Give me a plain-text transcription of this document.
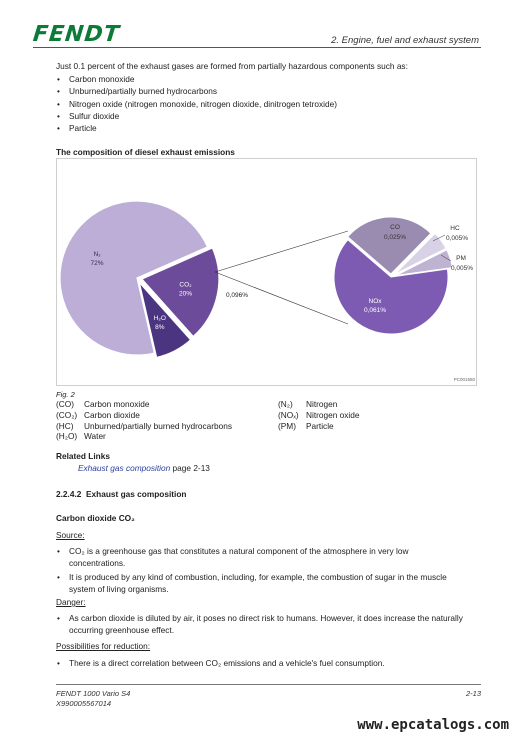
FENDT	2. Engine, fuel and exhaust system
Just 0.1 percent of the exhaust gases are formed from partially hazardous components such as:
• Carbon monoxide
• Unburned/partially burned hydrocarbons
• Nitrogen oxide (nitrogen monoxide, nitrogen dioxide, dinitrogen tetroxide)
• Sulfur dioxide
• Particle
The composition of diesel exhaust emissions
N₂
72%
CO₂
20%
H₂O
8%
0,096%
NOx
0,061%
CO
0,025%
HC
0,005%
PM
0,005%
PC001580
Fig. 2
(CO) Carbon monoxide
(CO₂) Carbon dioxide
(HC) Unburned/partially burned hydrocarbons
(H₂O) Water
(N₂) Nitrogen
(NOₓ) Nitrogen oxide
(PM) Particle
Related Links
Exhaust gas composition page 2-13
2.2.4.2 Exhaust gas composition
Carbon dioxide CO₂
Source:
• CO₂ is a greenhouse gas that constitutes a natural component of the atmosphere in very low concentrations.
• It is produced by any kind of combustion, including, for example, the combustion of sugar in the muscle system of living organisms.
Danger:
• As carbon dioxide is diluted by air, it poses no direct risk to humans. However, it does increase the naturally occurring greenhouse effect.
Possibilities for reduction:
• There is a direct correlation between CO₂ emissions and a vehicle's fuel consumption.
FENDT 1000 Vario S4
X990005567014
2-13
www.epcatalogs.com
